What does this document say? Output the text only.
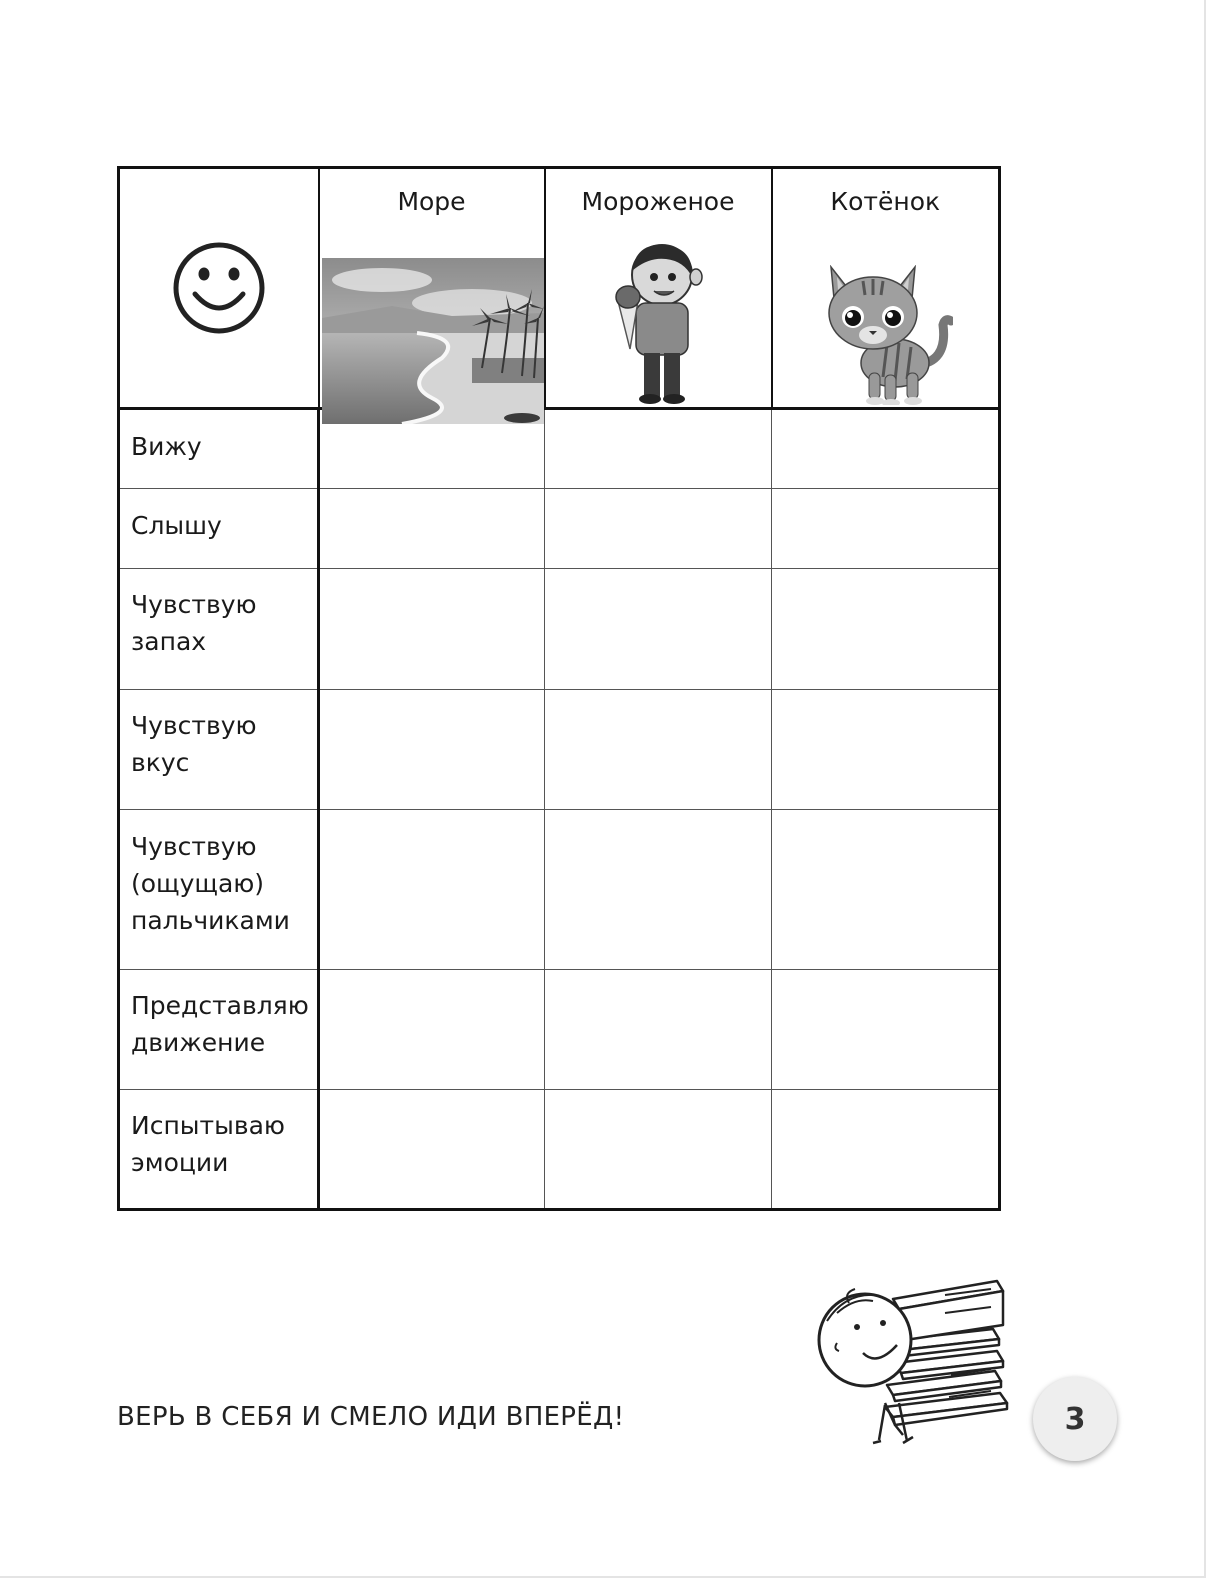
Море	Мороженое	Котёнок

Вижу			

Слышу			

Чувствую
запах			

Чувствую
вкус			

Чувствую
(ощущаю)
пальчиками			

Представляю
движение			

Испытываю
эмоции			

ВЕРЬ В СЕБЯ И СМЕЛО ИДИ ВПЕРЁД!	3
